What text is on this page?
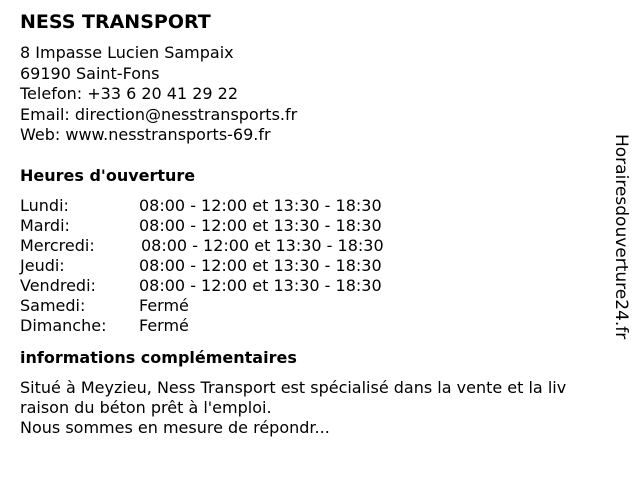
NESS TRANSPORT
8 Impasse Lucien Sampaix
69190 Saint-Fons
Telefon: +33 6 20 41 29 22
Email: direction@nesstransports.fr
Web: www.nesstransports-69.fr
Heures d'ouverture
Lundi:	08:00 - 12:00 et 13:30 - 18:30
Mardi:	08:00 - 12:00 et 13:30 - 18:30
Mercredi:	08:00 - 12:00 et 13:30 - 18:30
Jeudi:	08:00 - 12:00 et 13:30 - 18:30
Vendredi:	08:00 - 12:00 et 13:30 - 18:30
Samedi:	Fermé
Dimanche:	Fermé
informations complémentaires
Situé à Meyzieu, Ness Transport est spécialisé dans la vente et la liv
raison du béton prêt à l'emploi.
Nous sommes en mesure de répondr...
Horairesdouverture24.fr
